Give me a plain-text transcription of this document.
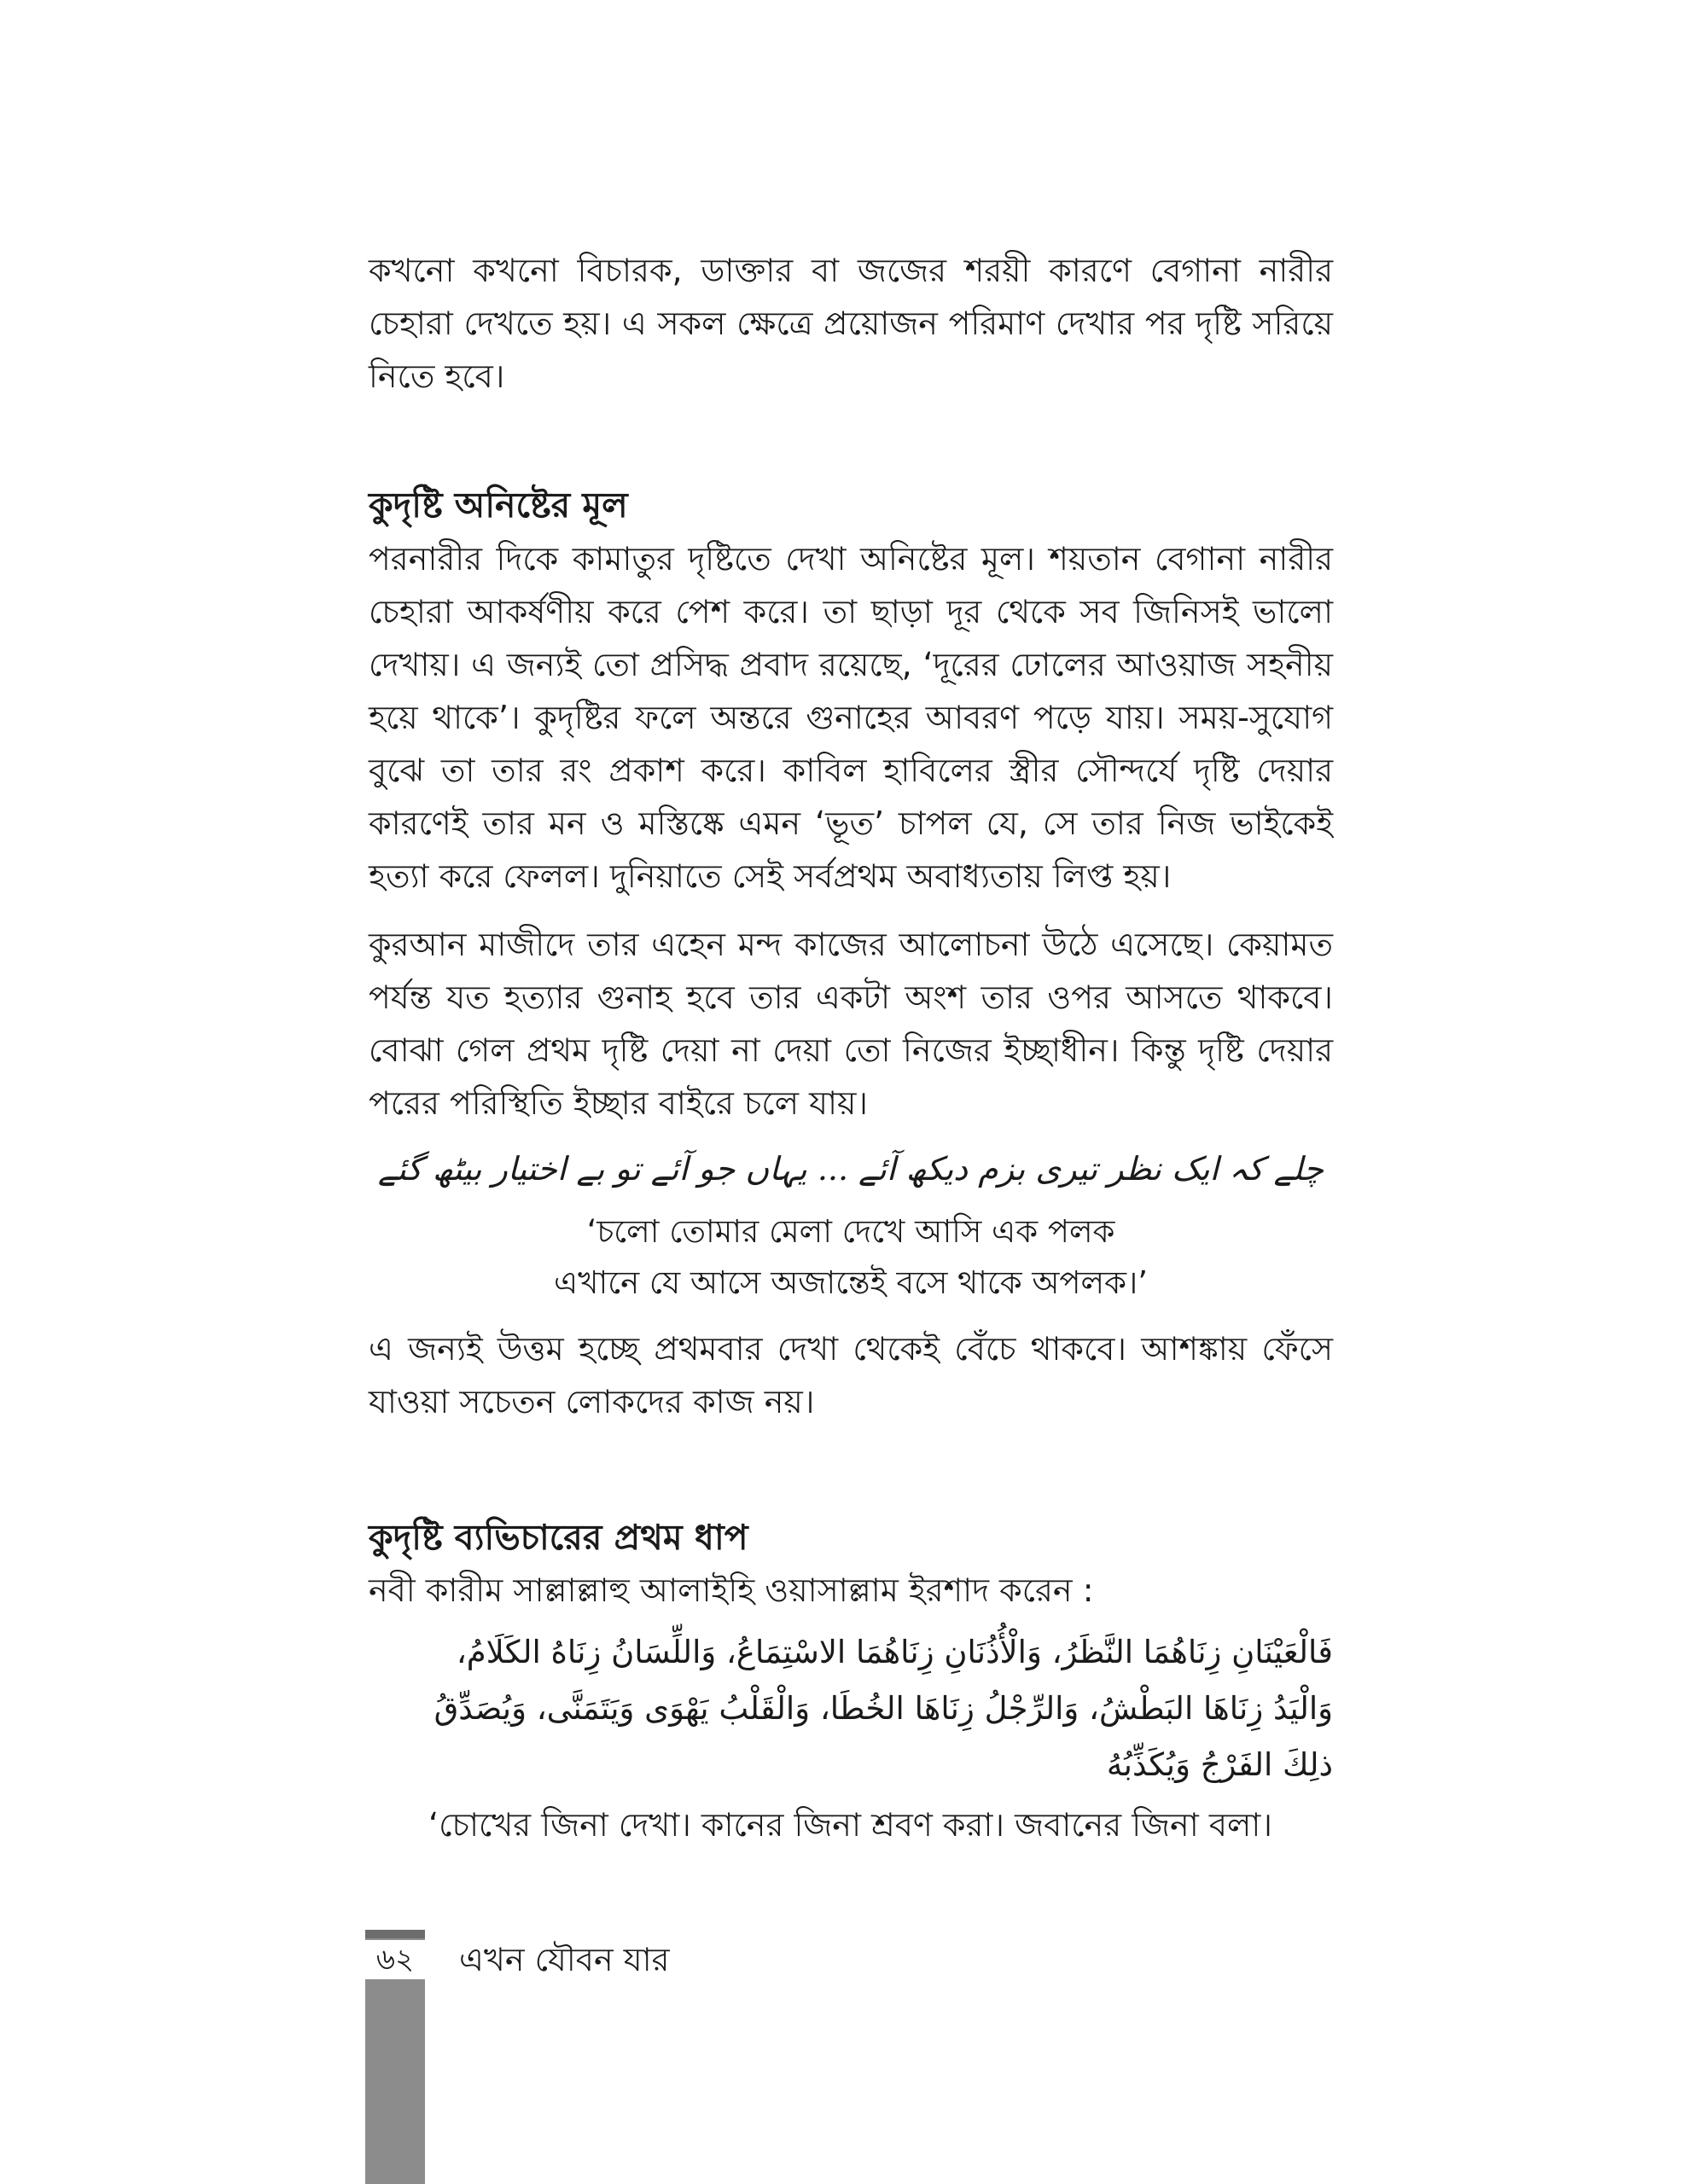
কখনো কখনো বিচারক, ডাক্তার বা জজের শরয়ী কারণে বেগানা নারীর চেহারা দেখতে হয়। এ সকল ক্ষেত্রে প্রয়োজন পরিমাণ দেখার পর দৃষ্টি সরিয়ে নিতে হবে।

কুদৃষ্টি অনিষ্টের মূল

পরনারীর দিকে কামাতুর দৃষ্টিতে দেখা অনিষ্টের মূল। শয়তান বেগানা নারীর চেহারা আকর্ষণীয় করে পেশ করে। তা ছাড়া দূর থেকে সব জিনিসই ভালো দেখায়। এ জন্যই তো প্রসিদ্ধ প্রবাদ রয়েছে, ‘দূরের ঢোলের আওয়াজ সহনীয় হয়ে থাকে’। কুদৃষ্টির ফলে অন্তরে গুনাহের আবরণ পড়ে যায়। সময়-সুযোগ বুঝে তা তার রং প্রকাশ করে। কাবিল হাবিলের স্ত্রীর সৌন্দর্যে দৃষ্টি দেয়ার কারণেই তার মন ও মস্তিষ্কে এমন ‘ভূত’ চাপল যে, সে তার নিজ ভাইকেই হত্যা করে ফেলল। দুনিয়াতে সেই সর্বপ্রথম অবাধ্যতায় লিপ্ত হয়।

কুরআন মাজীদে তার এহেন মন্দ কাজের আলোচনা উঠে এসেছে। কেয়ামত পর্যন্ত যত হত্যার গুনাহ হবে তার একটা অংশ তার ওপর আসতে থাকবে। বোঝা গেল প্রথম দৃষ্টি দেয়া না দেয়া তো নিজের ইচ্ছাধীন। কিন্তু দৃষ্টি দেয়ার পরের পরিস্থিতি ইচ্ছার বাইরে চলে যায়।

چلے کہ ایک نظر تیری بزم دیکھ آئے ... یہاں جو آئے تو بے اختیار بیٹھ گئے
‘চলো তোমার মেলা দেখে আসি এক পলক
এখানে যে আসে অজান্তেই বসে থাকে অপলক।’

এ জন্যই উত্তম হচ্ছে প্রথমবার দেখা থেকেই বেঁচে থাকবে। আশঙ্কায় ফেঁসে যাওয়া সচেতন লোকদের কাজ নয়।

কুদৃষ্টি ব্যভিচারের প্রথম ধাপ

নবী কারীম সাল্লাল্লাহু আলাইহি ওয়াসাল্লাম ইরশাদ করেন :

فَالْعَيْنَانِ زِنَاهُمَا النَّظَرُ، وَالْأُذُنَانِ زِنَاهُمَا الاسْتِمَاعُ، وَاللِّسَانُ زِنَاهُ الكَلَامُ،
وَالْيَدُ زِنَاهَا البَطْشُ، وَالرِّجْلُ زِنَاهَا الخُطَا، وَالْقَلْبُ يَهْوَى وَيَتَمَنَّى، وَيُصَدِّقُ
ذلِكَ الفَرْجُ وَيُكَذِّبُهُ

‘চোখের জিনা দেখা। কানের জিনা শ্রবণ করা। জবানের জিনা বলা।

৬২	এখন যৌবন যার
